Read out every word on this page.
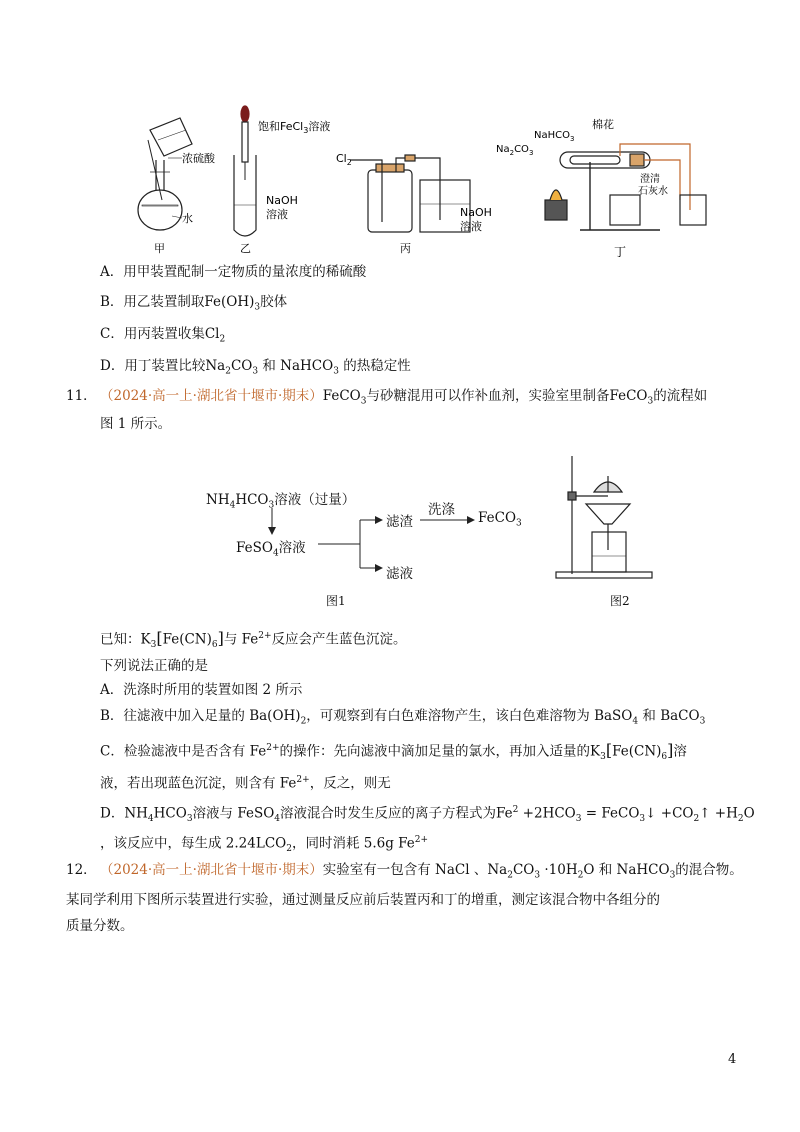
浓硫酸
水
甲
饱和FeCl$_3$溶液
NaOH
溶液
乙
$Cl_2$
NaOH
溶液
丙
NaHCO$_3$
棉花
$Na_2CO_3$
澄清
石灰水
丁
A．用甲装置配制一定物质的量浓度的稀硫酸
B．用乙装置制取$Fe(OH)_3$胶体
C．用丙装置收集$Cl_2$
D．用丁装置比较$Na_2CO_3$ 和 NaHCO$_3$ 的热稳定性
11． （2024·高一上·湖北省十堰市·期末）FeCO$_3$与砂糖混用可以作补血剂，实验室里制备FeCO$_3$的流程如
图 1 所示。
$NH_4HCO_3$溶液（过量）
FeSO$_4$溶液
滤渣
洗涤 FeCO$_3$
滤液
图1	图2
已知：$K_3[Fe(CN)_6]$与 $Fe^{2+}$反应会产生蓝色沉淀。
下列说法正确的是
A．洗涤时所用的装置如图 2 所示
B．往滤液中加入足量的 $Ba(OH)_2$，可观察到有白色难溶物产生，该白色难溶物为 BaSO$_4$ 和 BaCO$_3$
C．检验滤液中是否含有 $Fe^{2+}$的操作：先向滤液中滴加足量的氯水，再加入适量的$K_3[Fe(CN)_6]$溶
液，若出现蓝色沉淀，则含有 $Fe^{2+}$，反之，则无
D．$NH_4HCO_3$溶液与 FeSO$_4$溶液混合时发生反应的离子方程式为$Fe^2 +2HCO_3$ = FeCO$_3$↓ $+CO_2↑ +H_2O$
，该反应中，每生成 $2.24LCO_2$，同时消耗 5.6g $Fe^{2+}$
12． （2024·高一上·湖北省十堰市·期末）实验室有一包含有 NaCl 、$Na_2CO_3 \cdot 10H_2O$ 和 NaHCO$_3$的混合物。
某同学利用下图所示装置进行实验，通过测量反应前后装置丙和丁的增重，测定该混合物中各组分的
质量分数。
4
